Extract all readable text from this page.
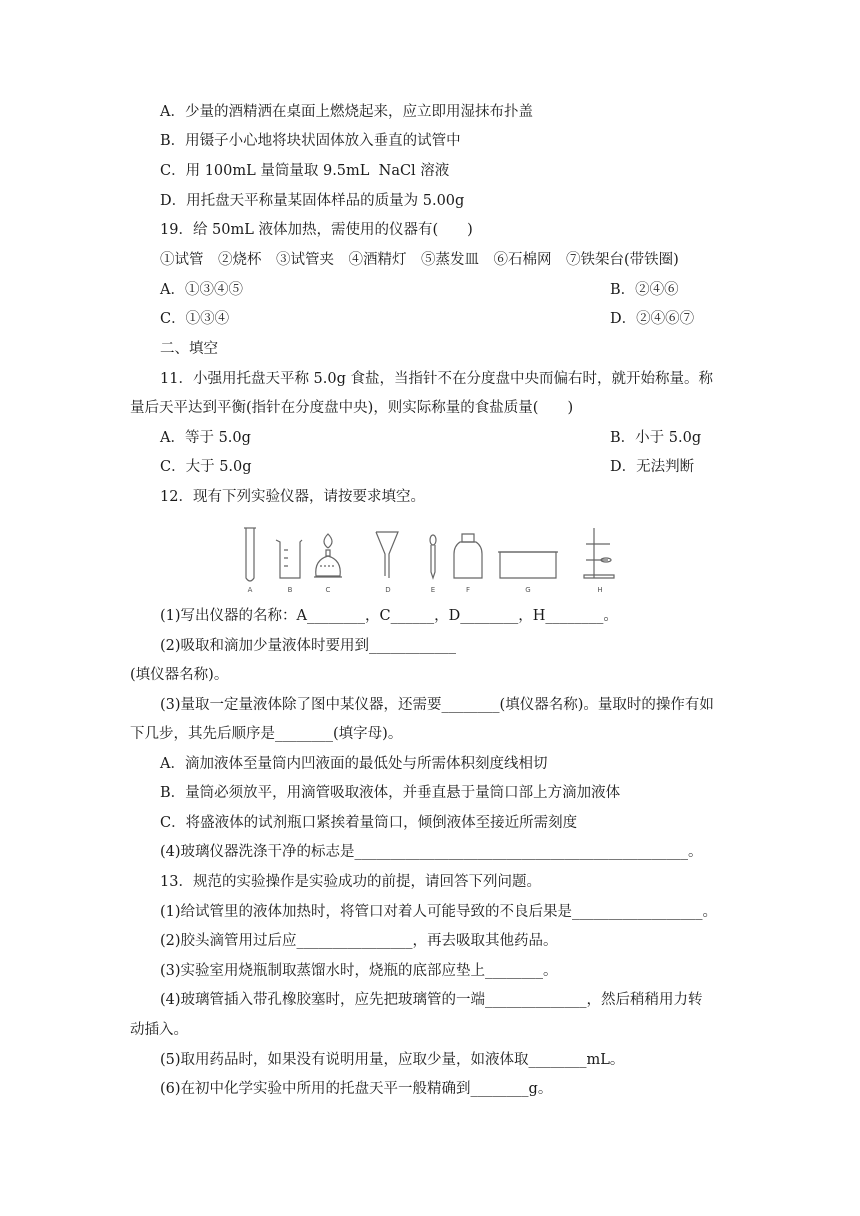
A．少量的酒精洒在桌面上燃烧起来，应立即用湿抹布扑盖
B．用镊子小心地将块状固体放入垂直的试管中
C．用 100mL 量筒量取 9.5mL  NaCl 溶液
D．用托盘天平称量某固体样品的质量为 5.00g
19．给 50mL 液体加热，需使用的仪器有(　　)
①试管　②烧杯　③试管夹　④酒精灯　⑤蒸发皿　⑥石棉网　⑦铁架台(带铁圈)
A．①③④⑤	B．②④⑥
C．①③④	D．②④⑥⑦
二、填空
11．小强用托盘天平称 5.0g 食盐，当指针不在分度盘中央而偏右时，就开始称量。称
量后天平达到平衡(指针在分度盘中央)，则实际称量的食盐质量(　　)
A．等于 5.0g	B．小于 5.0g
C．大于 5.0g	D．无法判断
12．现有下列实验仪器，请按要求填空。
(1)写出仪器的名称：A________，C______，D________，H________。
(2)吸取和滴加少量液体时要用到____________
(填仪器名称)。
(3)量取一定量液体除了图中某仪器，还需要________(填仪器名称)。量取时的操作有如
下几步，其先后顺序是________(填字母)。
A．滴加液体至量筒内凹液面的最低处与所需体积刻度线相切
B．量筒必须放平，用滴管吸取液体，并垂直悬于量筒口部上方滴加液体
C．将盛液体的试剂瓶口紧挨着量筒口，倾倒液体至接近所需刻度
(4)玻璃仪器洗涤干净的标志是______________________________________________。
13．规范的实验操作是实验成功的前提，请回答下列问题。
(1)给试管里的液体加热时，将管口对着人可能导致的不良后果是__________________。
(2)胶头滴管用过后应________________，再去吸取其他药品。
(3)实验室用烧瓶制取蒸馏水时，烧瓶的底部应垫上________。
(4)玻璃管插入带孔橡胶塞时，应先把玻璃管的一端______________，然后稍稍用力转
动插入。
(5)取用药品时，如果没有说明用量，应取少量，如液体取________mL。
(6)在初中化学实验中所用的托盘天平一般精确到________g。
A	B	C	D	E	F	G	H
